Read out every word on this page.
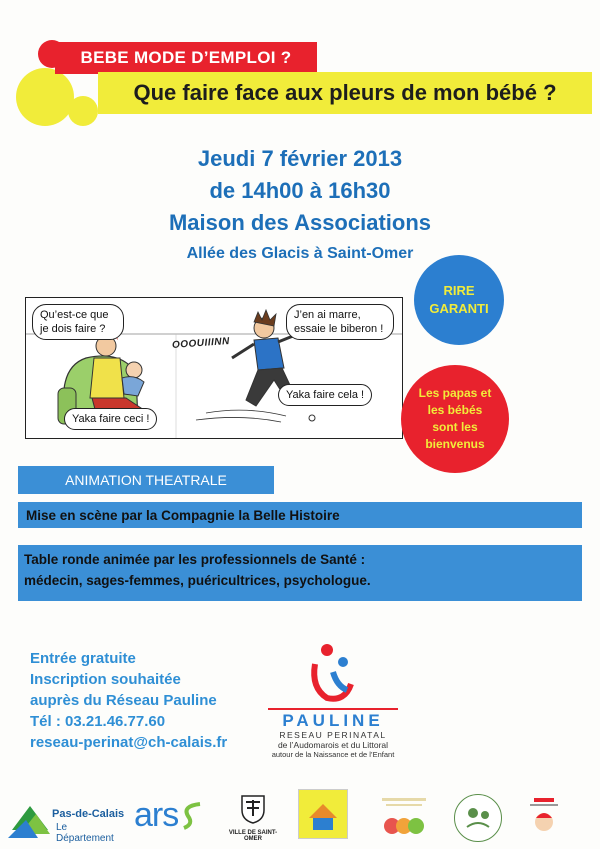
BEBE MODE D’EMPLOI ?
Que faire face aux pleurs de mon bébé ?
Jeudi 7 février 2013
de 14h00 à 16h30
Maison des Associations
Allée des Glacis à Saint-Omer
Qu’est-ce que je dois faire ?
J’en ai marre, essaie le biberon !
Yaka faire ceci !
Yaka faire cela !
OOOUIIINN
RIRE GARANTI
Les papas et les bébés sont les bienvenus
ANIMATION THEATRALE
Mise en scène par la Compagnie la Belle Histoire
Table ronde animée par les professionnels de Santé :
médecin, sages-femmes, puéricultrices, psychologue.
Entrée gratuite
Inscription souhaitée
auprès du Réseau Pauline
Tél : 03.21.46.77.60
reseau-perinat@ch-calais.fr
PAULINE
RESEAU PERINATAL
de l’Audomarois et du Littoral
autour de la Naissance et de l’Enfant
Pas-de-Calais
Le Département
ars	VILLE DE SAINT-OMER
